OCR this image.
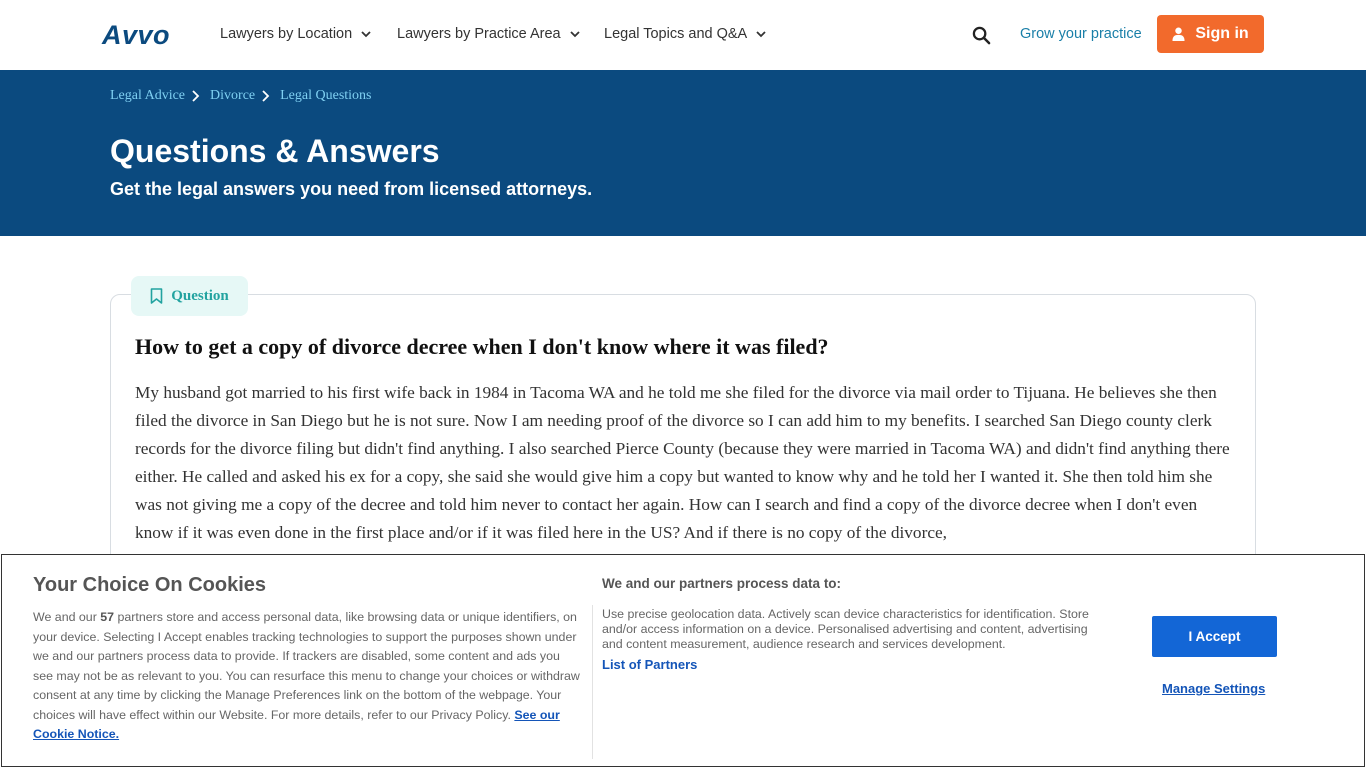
Avvo	Lawyers by Location	Lawyers by Practice Area	Legal Topics and Q&A	Grow your practice	Sign in
Legal Advice Divorce Legal Questions
Questions & Answers
Get the legal answers you need from licensed attorneys.
Question
How to get a copy of divorce decree when I don't know where it was filed?

My husband got married to his first wife back in 1984 in Tacoma WA and he told me she filed for the divorce via mail order to Tijuana. He believes she then filed the divorce in San Diego but he is not sure. Now I am needing proof of the divorce so I can add him to my benefits. I searched San Diego county clerk records for the divorce filing but didn't find anything. I also searched Pierce County (because they were married in Tacoma WA) and didn't find anything there either. He called and asked his ex for a copy, she said she would give him a copy but wanted to know why and he told her I wanted it. She then told him she was not giving me a copy of the decree and told him never to contact her again. How can I search and find a copy of the divorce decree when I don't even know if it was even done in the first place and/or if it was filed here in the US? And if there is no copy of the divorce,

Your Choice On Cookies
We and our 57 partners store and access personal data, like browsing data or unique identifiers, on your device. Selecting I Accept enables tracking technologies to support the purposes shown under we and our partners process data to provide. If trackers are disabled, some content and ads you see may not be as relevant to you. You can resurface this menu to change your choices or withdraw consent at any time by clicking the Manage Preferences link on the bottom of the webpage. Your choices will have effect within our Website. For more details, refer to our Privacy Policy. See our Cookie Notice.
We and our partners process data to:
Use precise geolocation data. Actively scan device characteristics for identification. Store and/or access information on a device. Personalised advertising and content, advertising and content measurement, audience research and services development.
List of Partners
I Accept
Manage Settings
